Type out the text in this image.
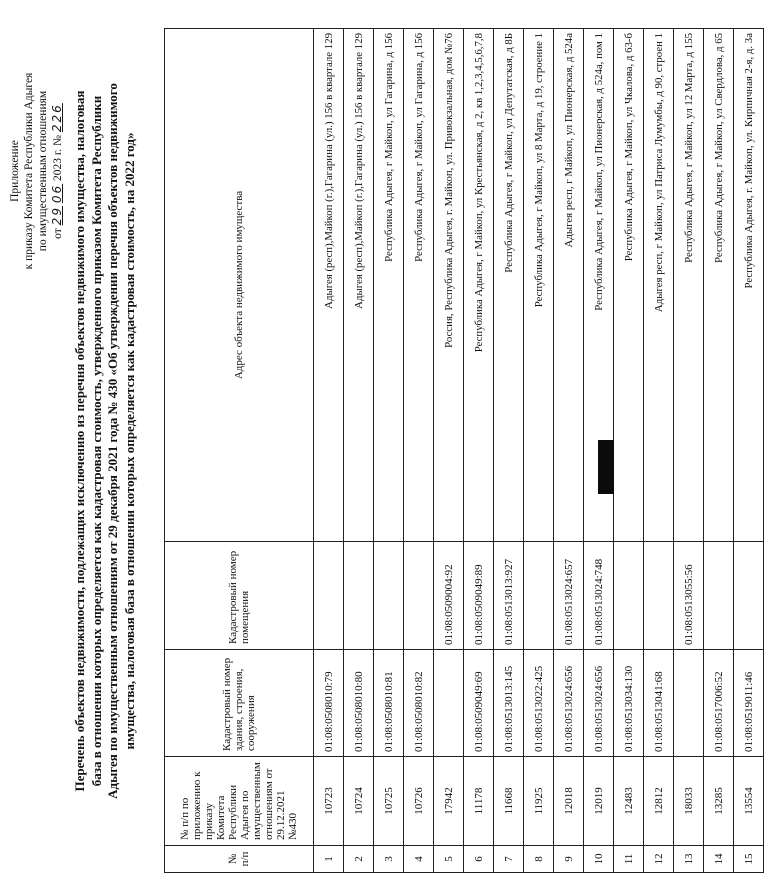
Приложение к приказу Комитета Республики Адыгея по имущественным отношениям от 29 06 2023 г. № 226 Перечень объектов недвижимости, подлежащих исключению из перечня объектов недвижимого имущества, налоговая база в отношении которых определяется как кадастровая стоимость, утвержденного приказом Комитета Республики Адыгея по имущественным отношениям от 29 декабря 2021 года № 430 «Об утверждении перечня объектов недвижимого имущества, налоговая база в отношении которых определяется как кадастровая стоимость, на 2022 год»
№ п/п	№ п/п по приложению к приказу Комитета Республики Адыгея по имущественным отношениям от 29.12.2021 №430	Кадастровый номер здания, строения, сооружения	Кадастровый номер помещения	Адрес объекта недвижимого имущества
1	10723	01:08:0508010:79		Адыгея (респ),Майкоп (г.),Гагарина (ул.) 156 в квартале 129
2	10724	01:08:0508010:80		Адыгея (респ),Майкоп (г.),Гагарина (ул.) 156 в квартале 129
3	10725	01:08:0508010:81		Республика Адыгея, г Майкоп, ул Гагарина, д 156
4	10726	01:08:0508010:82		Республика Адыгея, г Майкоп, ул Гагарина, д 156
5	17942		01:08:0509004:92	Россия, Республика Адыгея, г. Майкоп, ул. Привокзальная, дом №76
6	11178	01:08:0509049:69	01:08:0509049:89	Республика Адыгея, г Майкоп, ул Крестьянская, д 2, кв 1,2,3,4,5,6,7,8
7	11668	01:08:0513013:145	01:08:0513013:927	Республика Адыгея, г Майкоп, ул Депутатская, д 8Б
8	11925	01:08:0513022:425		Республика Адыгея, г Майкоп, ул 8 Марта, д 19, строение 1
9	12018	01:08:0513024:656	01:08:0513024:657	Адыгея респ, г Майкоп, ул Пионерская, д 524а
10	12019	01:08:0513024:656	01:08:0513024:748	Республика Адыгея, г Майкоп, ул Пионерская, д 524а, пом 1
11	12483	01:08:0513034:130		Республика Адыгея, г Майкоп, ул Чкалова, д 63-б
12	12812	01:08:0513041:68		Адыгея респ, г Майкоп, ул Патриса Лумумбы, д 90, строен 1
13	18033		01:08:0513055:56	Республика Адыгея, г Майкоп, ул 12 Марта, д 155
14	13285	01:08:0517006:52		Республика Адыгея, г Майкоп, ул Свердлова, д 65
15	13554	01:08:0519011:46		Республика Адыгея, г. Майкоп, ул. Кирпичная 2-я, д. 3а
